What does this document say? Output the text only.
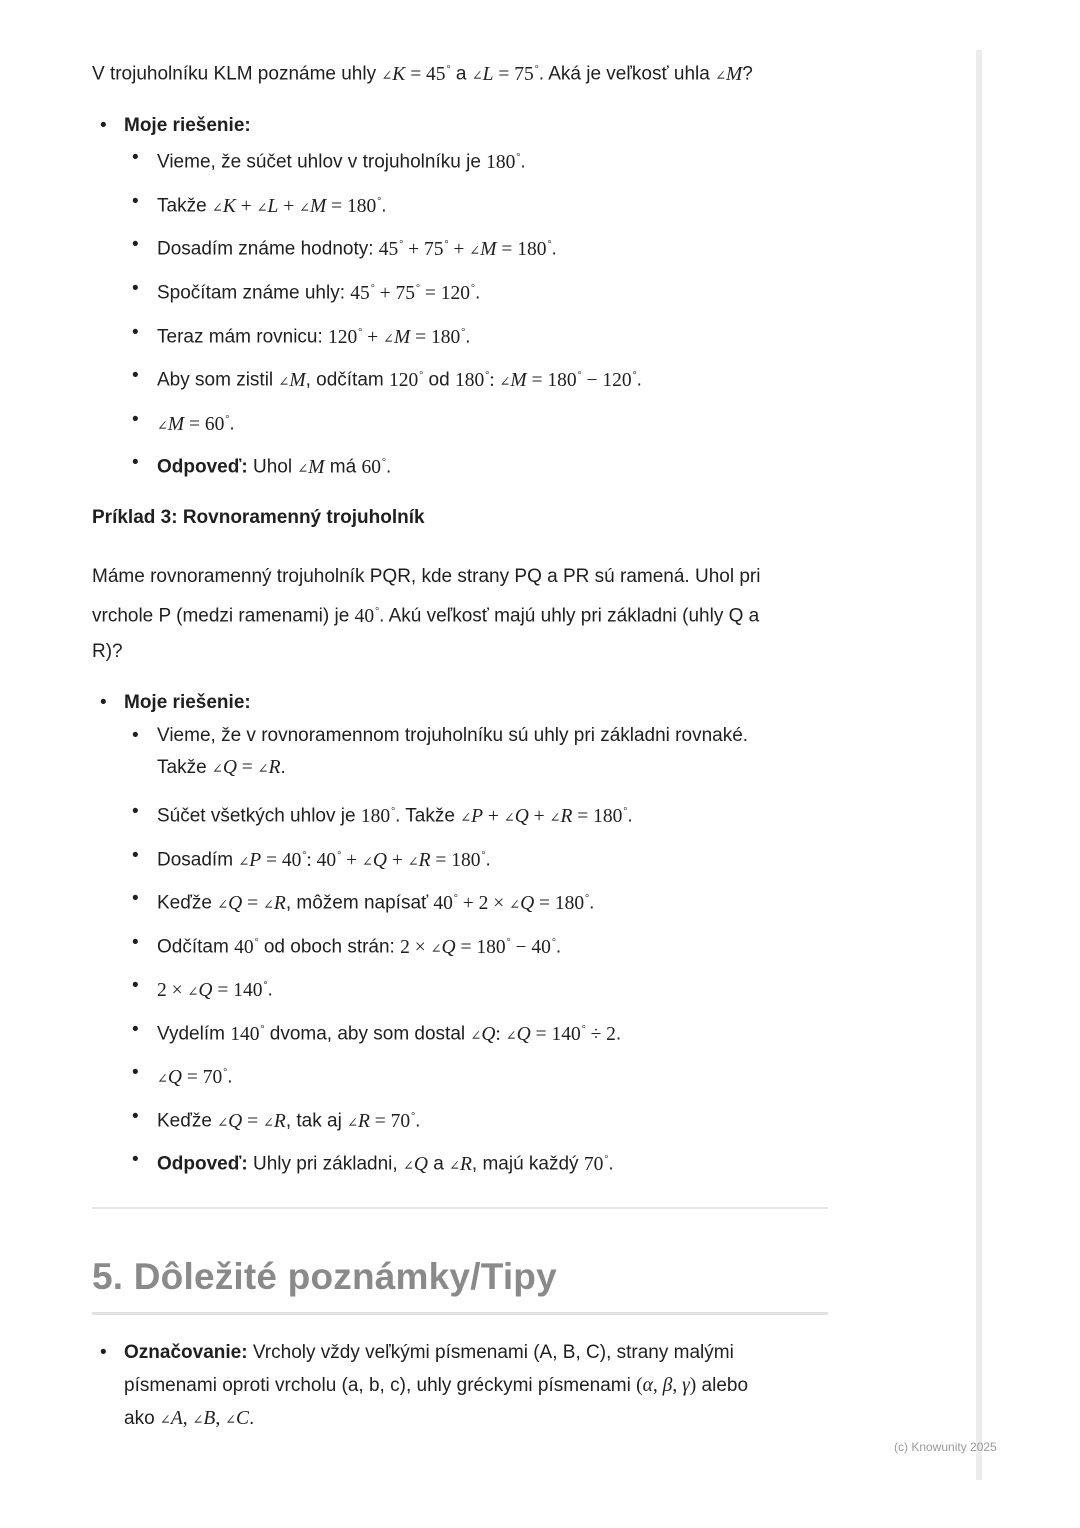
V trojuholníku KLM poznáme uhly ∠K = 45° a ∠L = 75°. Aká je veľkosť uhla ∠M?
• Moje riešenie:
• Vieme, že súčet uhlov v trojuholníku je 180°.
• Takže ∠K + ∠L + ∠M = 180°.
• Dosadím známe hodnoty: 45° + 75° + ∠M = 180°.
• Spočítam známe uhly: 45° + 75° = 120°.
• Teraz mám rovnicu: 120° + ∠M = 180°.
• Aby som zistil ∠M, odčítam 120° od 180°: ∠M = 180° − 120°.
• ∠M = 60°.
• Odpoveď: Uhol ∠M má 60°.
Príklad 3: Rovnoramenný trojuholník
Máme rovnoramenný trojuholník PQR, kde strany PQ a PR sú ramená. Uhol pri
vrchole P (medzi ramenami) je 40°. Akú veľkosť majú uhly pri základni (uhly Q a
R)?
• Moje riešenie:
• Vieme, že v rovnoramennom trojuholníku sú uhly pri základni rovnaké.
Takže ∠Q = ∠R.
• Súčet všetkých uhlov je 180°. Takže ∠P + ∠Q + ∠R = 180°.
• Dosadím ∠P = 40°: 40° + ∠Q + ∠R = 180°.
• Keďže ∠Q = ∠R, môžem napísať 40° + 2 × ∠Q = 180°.
• Odčítam 40° od oboch strán: 2 × ∠Q = 180° − 40°.
• 2 × ∠Q = 140°.
• Vydelím 140° dvoma, aby som dostal ∠Q: ∠Q = 140° ÷ 2.
• ∠Q = 70°.
• Keďže ∠Q = ∠R, tak aj ∠R = 70°.
• Odpoveď: Uhly pri základni, ∠Q a ∠R, majú každý 70°.
5. Dôležité poznámky/Tipy
• Označovanie: Vrcholy vždy veľkými písmenami (A, B, C), strany malými
písmenami oproti vrcholu (a, b, c), uhly gréckymi písmenami (α, β, γ) alebo
ako ∠A, ∠B, ∠C.
(c) Knowunity 2025
